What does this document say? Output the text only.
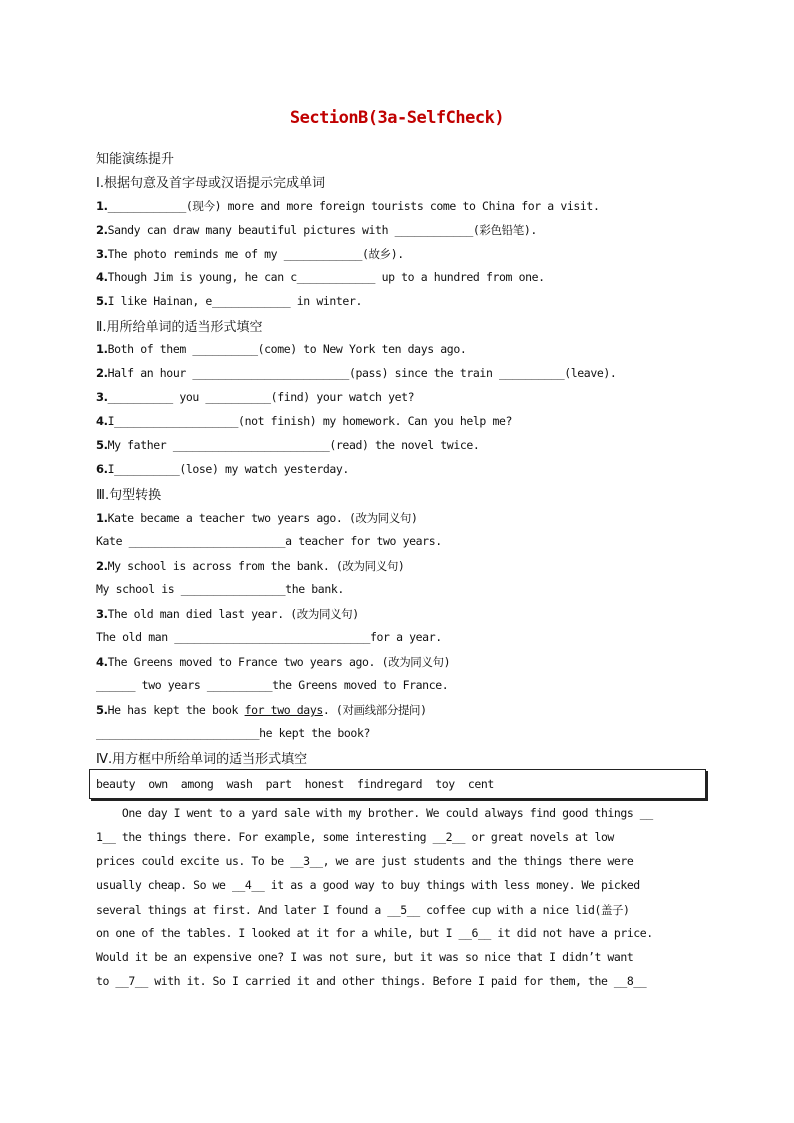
SectionB(3a-SelfCheck)
知能演练提升
Ⅰ.根据句意及首字母或汉语提示完成单词
1.____________(现今) more and more foreign tourists come to China for a visit.
2.Sandy can draw many beautiful pictures with ____________(彩色铅笔).
3.The photo reminds me of my ____________(故乡).
4.Though Jim is young, he can c____________ up to a hundred from one.
5.I like Hainan, e____________ in winter.
Ⅱ.用所给单词的适当形式填空
1.Both of them __________(come) to New York ten days ago.
2.Half an hour ________________________(pass) since the train __________(leave).
3.__________ you __________(find) your watch yet?
4.I___________________(not finish) my homework. Can you help me?
5.My father ________________________(read) the novel twice.
6.I__________(lose) my watch yesterday.
Ⅲ.句型转换
1.Kate became a teacher two years ago. (改为同义句)
Kate ________________________a teacher for two years.
2.My school is across from the bank. (改为同义句)
My school is ________________the bank.
3.The old man died last year. (改为同义句)
The old man ______________________________for a year.
4.The Greens moved to France two years ago. (改为同义句)
______ two years __________the Greens moved to France.
5.He has kept the book for two days. (对画线部分提问)
_________________________he kept the book?
Ⅳ.用方框中所给单词的适当形式填空
beauty  own  among  wash  part  honest  findregard  toy  cent
One day I went to a yard sale with my brother. We could always find good things __
1__ the things there. For example, some interesting __2__ or great novels at low
prices could excite us. To be __3__, we are just students and the things there were
usually cheap. So we __4__ it as a good way to buy things with less money. We picked
several things at first. And later I found a __5__ coffee cup with a nice lid(盖子)
on one of the tables. I looked at it for a while, but I __6__ it did not have a price.
Would it be an expensive one? I was not sure, but it was so nice that I didn’t want
to __7__ with it. So I carried it and other things. Before I paid for them, the __8__
